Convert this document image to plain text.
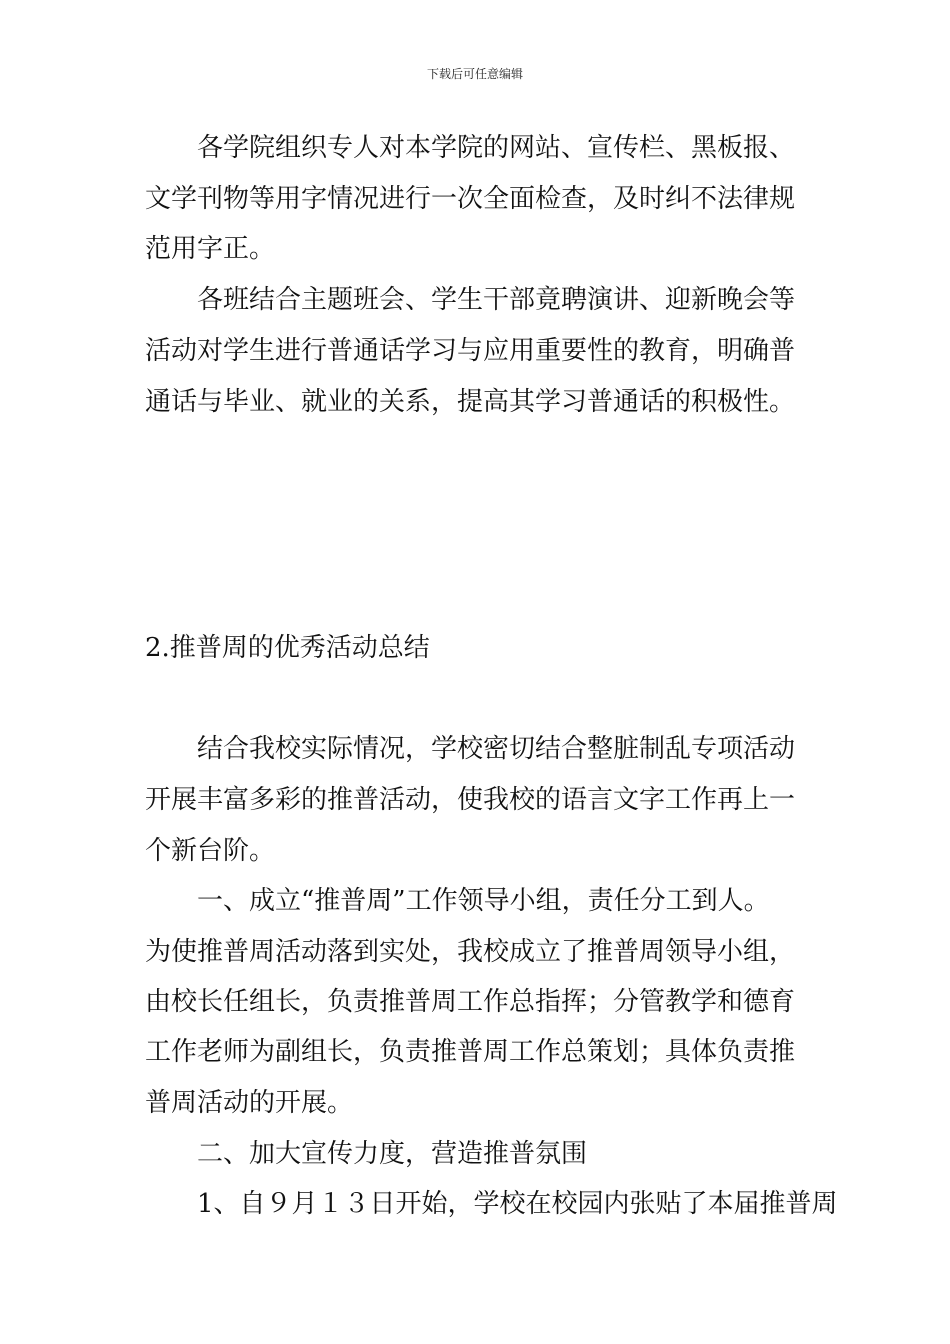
下载后可任意编辑
各学院组织专人对本学院的网站、宣传栏、黑板报、
文学刊物等用字情况进行一次全面检查，及时纠不法律规
范用字正。
各班结合主题班会、学生干部竟聘演讲、迎新晚会等
活动对学生进行普通话学习与应用重要性的教育，明确普
通话与毕业、就业的关系，提高其学习普通话的积极性。
2.推普周的优秀活动总结
结合我校实际情况，学校密切结合整脏制乱专项活动
开展丰富多彩的推普活动，使我校的语言文字工作再上一
个新台阶。
一、成立“推普周”工作领导小组，责任分工到人。
为使推普周活动落到实处，我校成立了推普周领导小组，
由校长任组长，负责推普周工作总指挥；分管教学和德育
工作老师为副组长，负责推普周工作总策划；具体负责推
普周活动的开展。
二、加大宣传力度，营造推普氛围
1、自９月１３日开始，学校在校园内张贴了本届推普周
